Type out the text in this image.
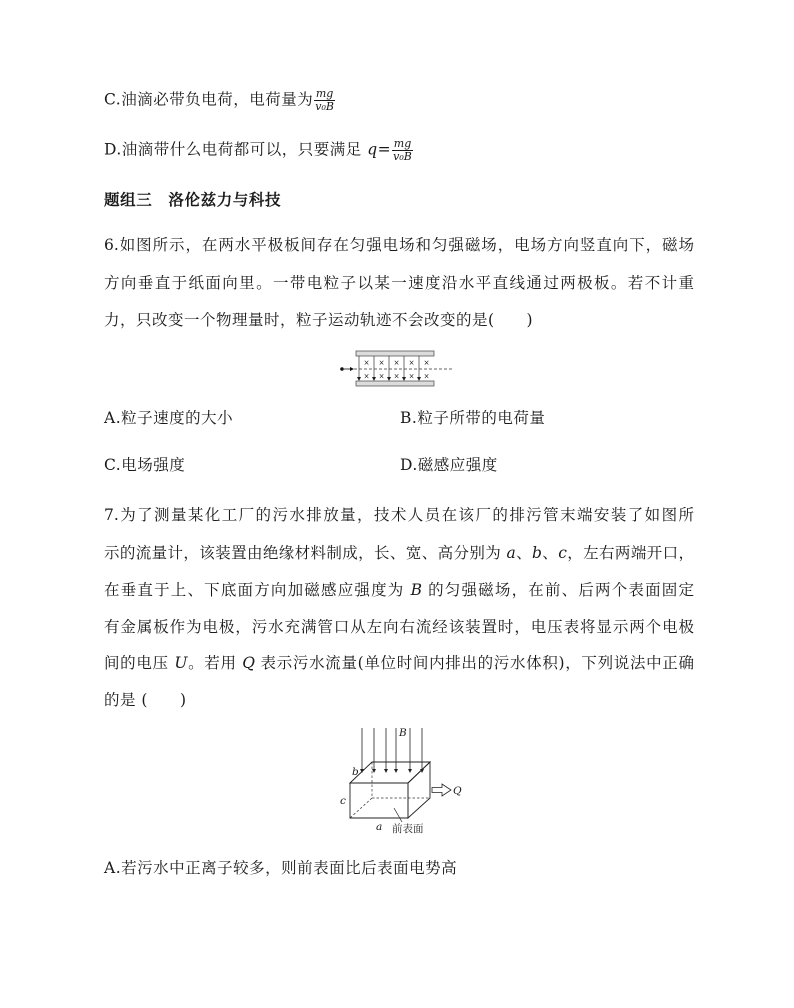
C.油滴必带负电荷，电荷量为 $\frac{mg}{\text{v₀B}}$
D.油滴带什么电荷都可以，只要满足 $q= \frac{mg}{\text{v₀B}}$
题组三　洛伦兹力与科技
6.如图所示，在两水平极板间存在匀强电场和匀强磁场，电场方向竖直向下，磁场
方向垂直于纸面向里。一带电粒子以某一速度沿水平直线通过两极板。若不计重
力，只改变一个物理量时，粒子运动轨迹不会改变的是(　　)
× × × × ×
× × × × ×
A.粒子速度的大小	B.粒子所带的电荷量
C.电场强度	D.磁感应强度
7.为了测量某化工厂的污水排放量，技术人员在该厂的排污管末端安装了如图所
示的流量计，该装置由绝缘材料制成，长、宽、高分别为 a、b、c，左右两端开口，
在垂直于上、下底面方向加磁感应强度为 B 的匀强磁场，在前、后两个表面固定
有金属板作为电极，污水充满管口从左向右流经该装置时，电压表将显示两个电极
间的电压 U。若用 Q 表示污水流量(单位时间内排出的污水体积)，下列说法中正确
的是 (　　)
B
b
c
a
Q
前表面
A.若污水中正离子较多，则前表面比后表面电势高
